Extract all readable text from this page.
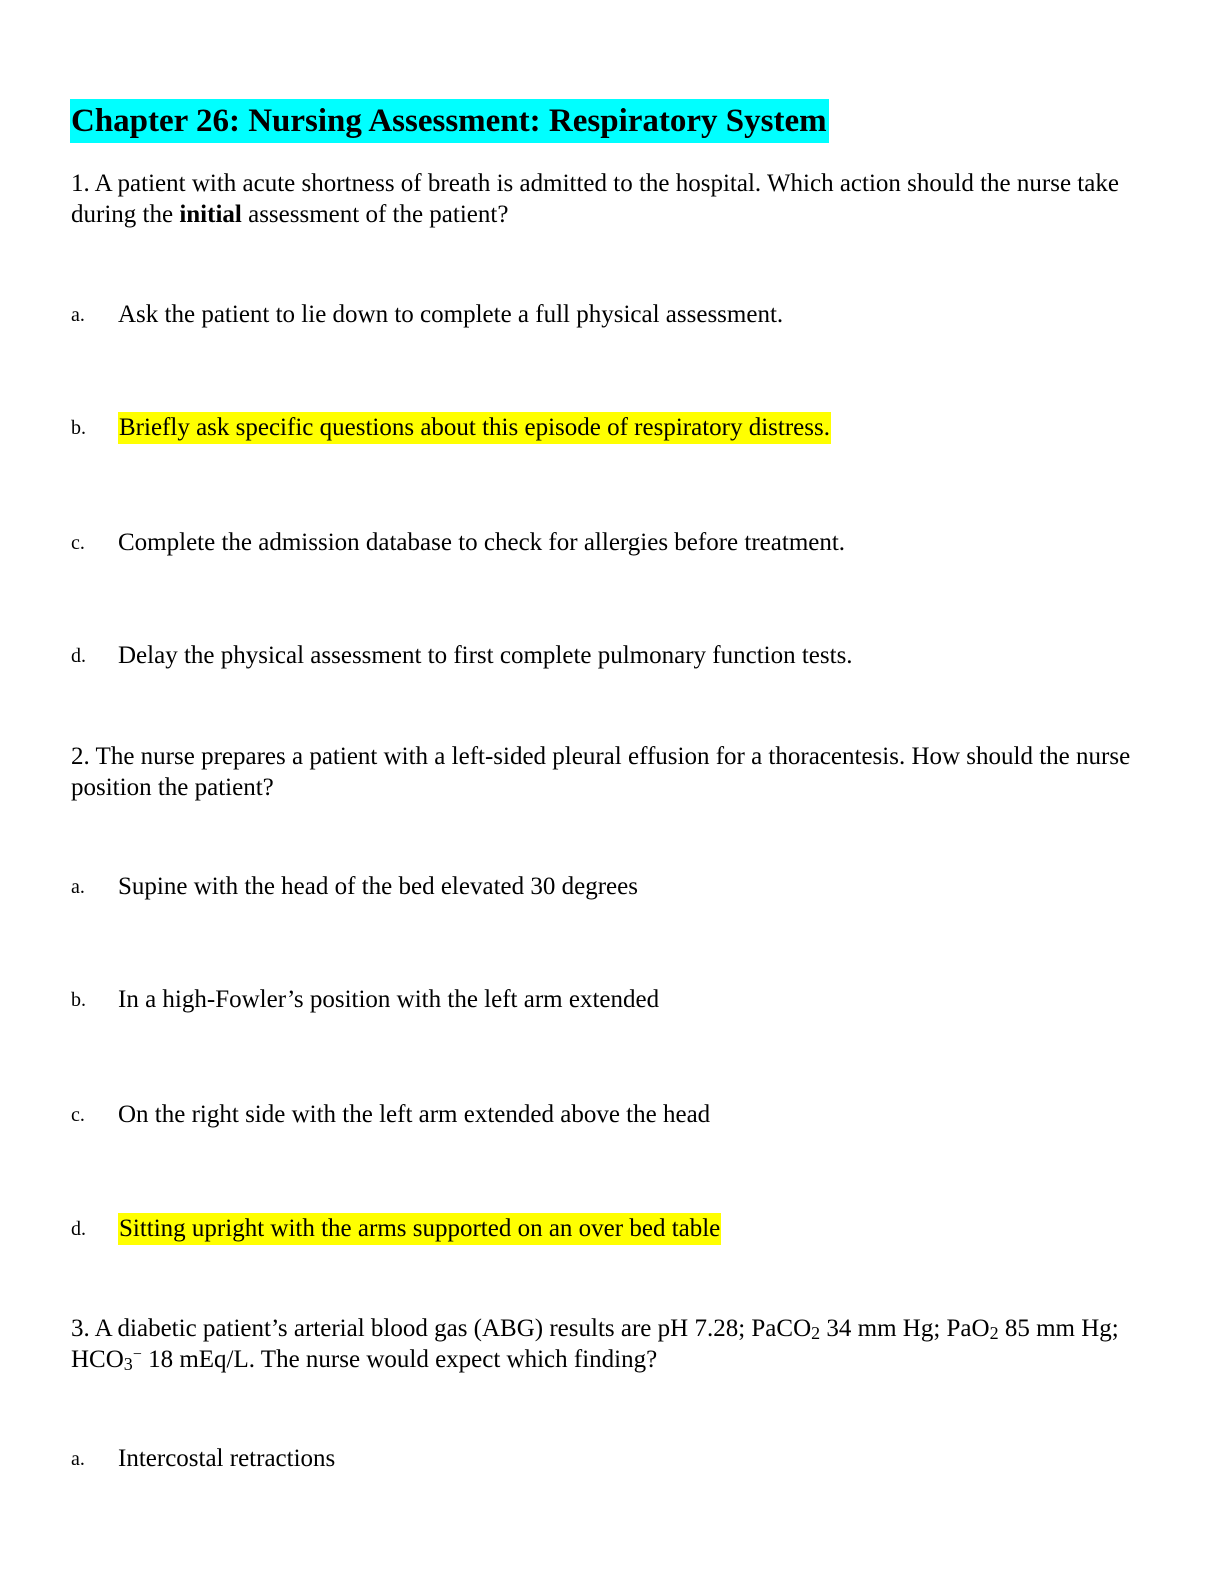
Chapter 26: Nursing Assessment: Respiratory System
1. A patient with acute shortness of breath is admitted to the hospital. Which action should the nurse take during the initial assessment of the patient?
a. Ask the patient to lie down to complete a full physical assessment.
b. Briefly ask specific questions about this episode of respiratory distress.
c. Complete the admission database to check for allergies before treatment.
d. Delay the physical assessment to first complete pulmonary function tests.
2. The nurse prepares a patient with a left-sided pleural effusion for a thoracentesis. How should the nurse position the patient?
a. Supine with the head of the bed elevated 30 degrees
b. In a high-Fowler’s position with the left arm extended
c. On the right side with the left arm extended above the head
d. Sitting upright with the arms supported on an over bed table
3. A diabetic patient’s arterial blood gas (ABG) results are pH 7.28; PaCO$_2$ 34 mm Hg; PaO$_2$ 85 mm Hg; $HCO_3^-$ 18 mEq/L. The nurse would expect which finding?
a. Intercostal retractions
